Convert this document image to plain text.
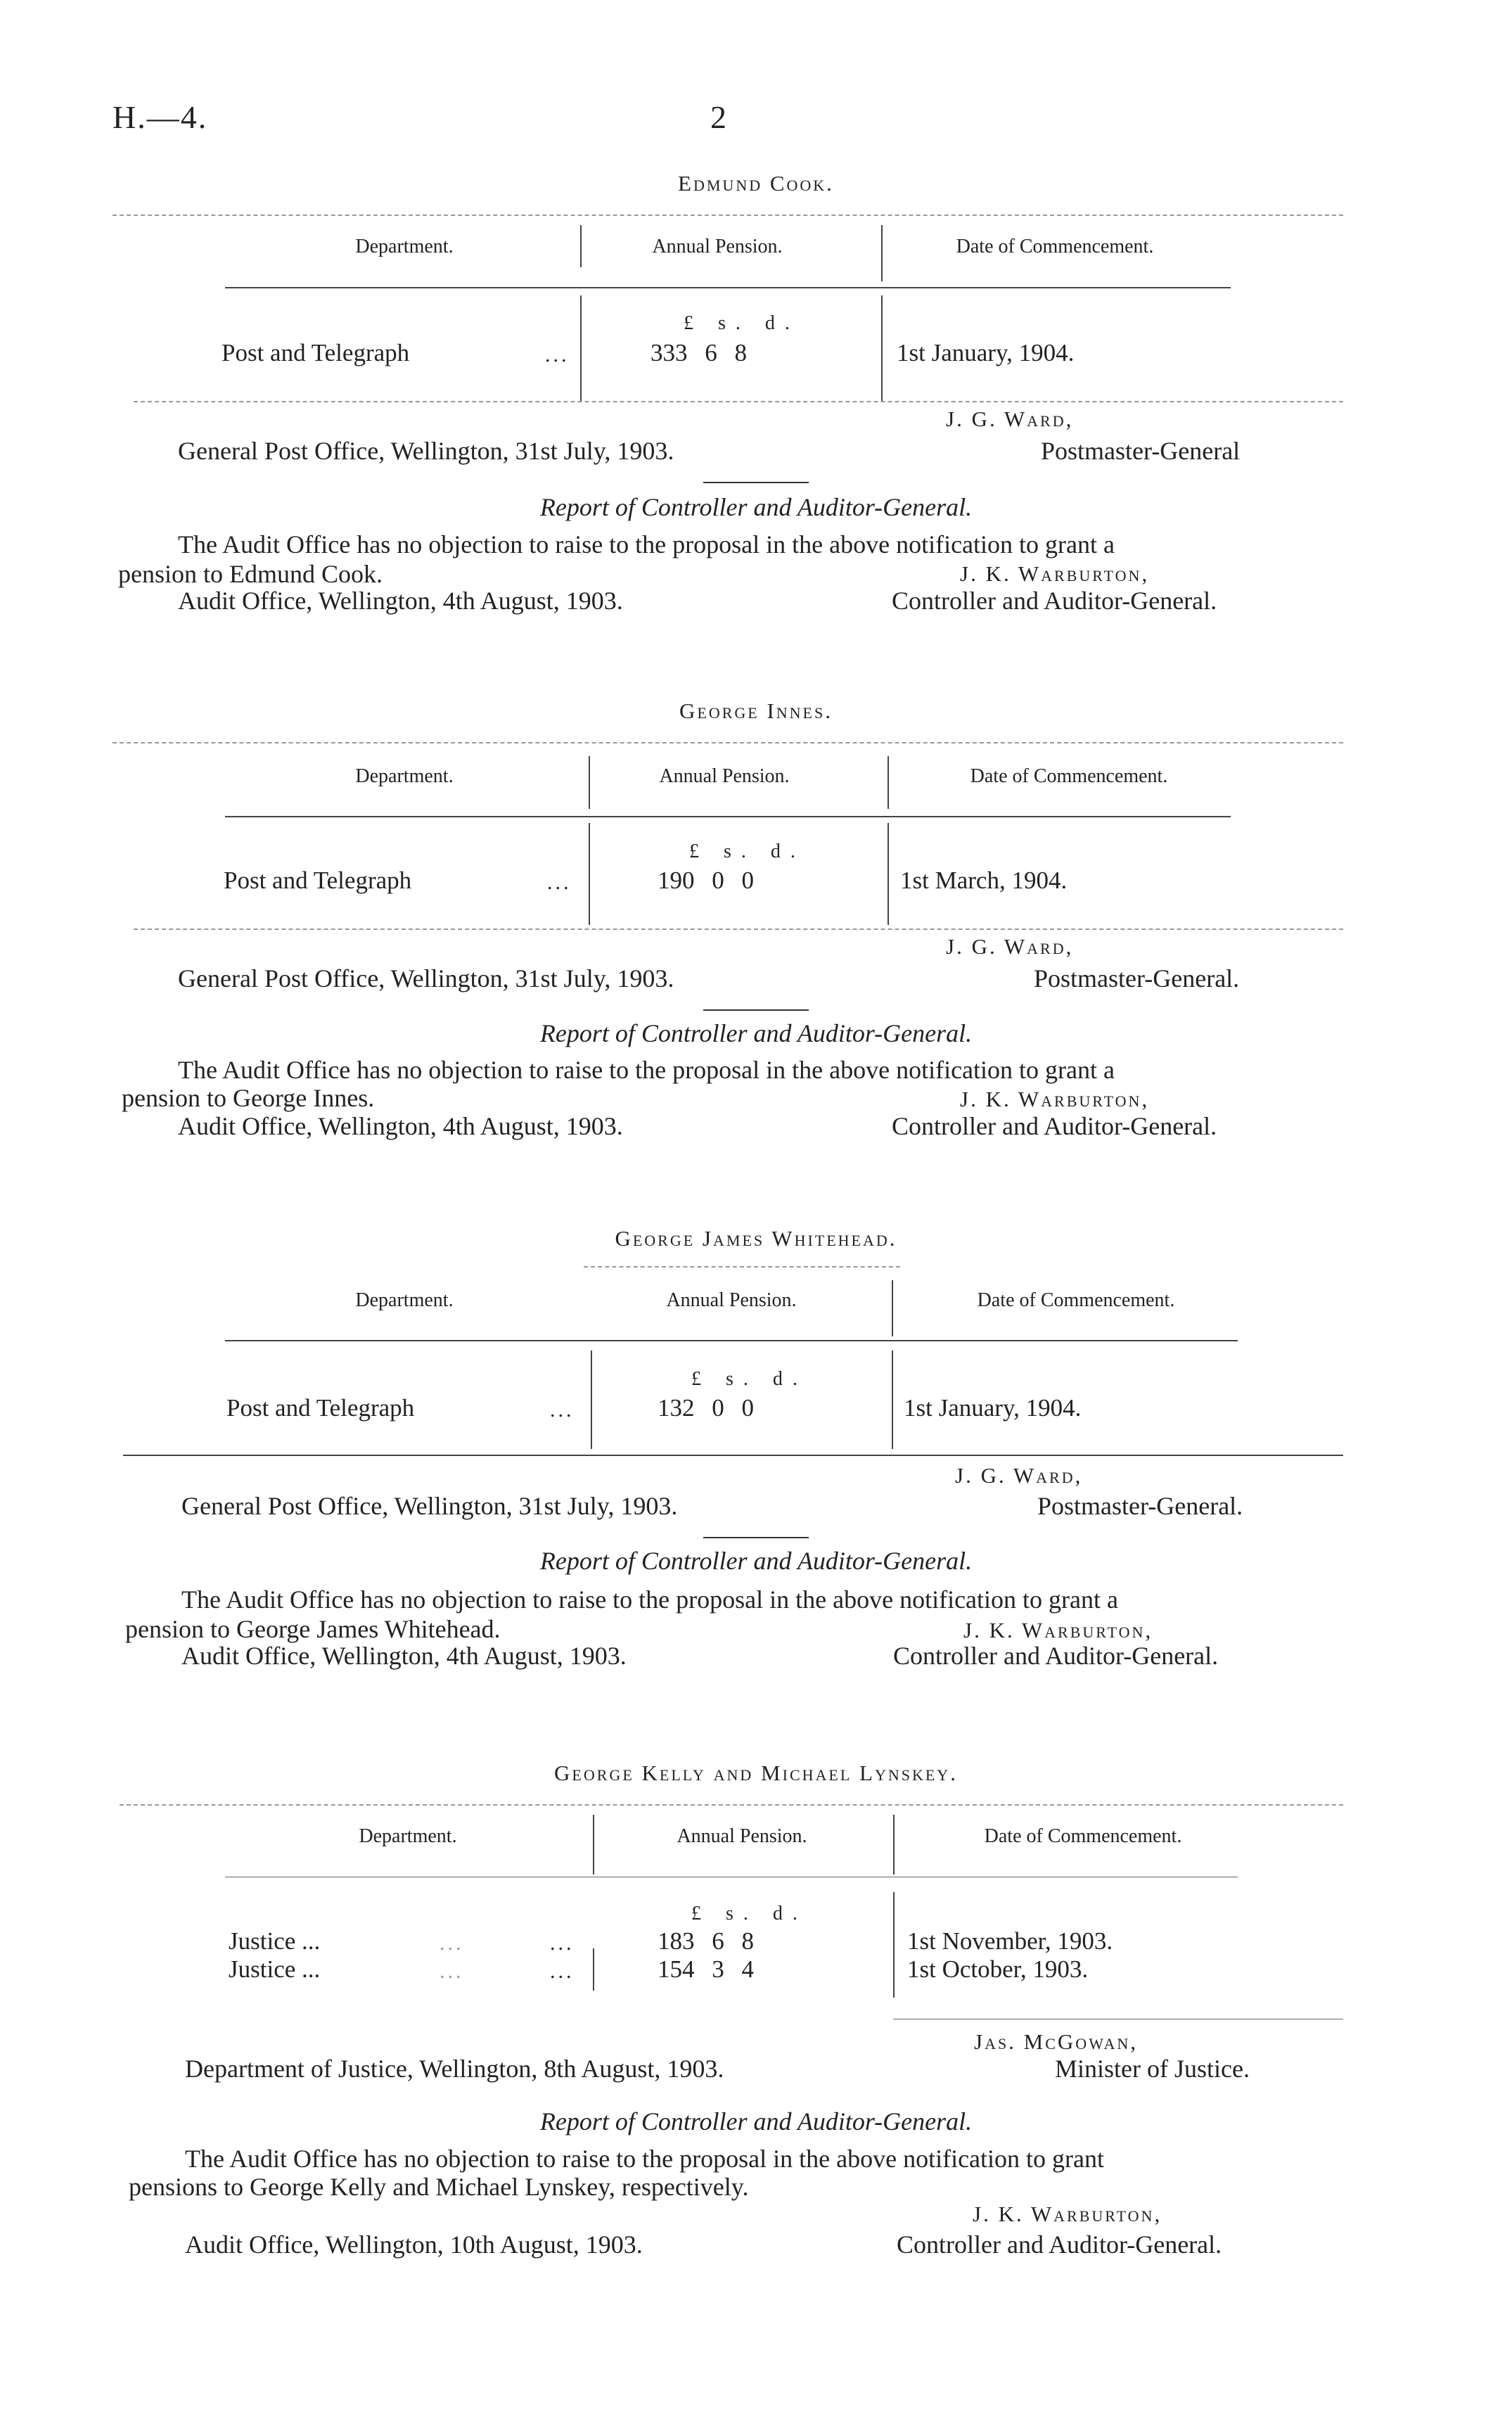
H.—4.	2
Edmund Cook.
Department.	Annual Pension.	Date of Commencement.
£ s. d.
Post and Telegraph	...	333 6 8	1st January, 1904.
J. G. Ward,
General Post Office, Wellington, 31st July, 1903.	Postmaster-General
Report of Controller and Auditor-General.
The Audit Office has no objection to raise to the proposal in the above notification to grant a
pension to Edmund Cook.	J. K. Warburton,
Audit Office, Wellington, 4th August, 1903.	Controller and Auditor-General.
George Innes.
Department.	Annual Pension.	Date of Commencement.
£ s. d.
Post and Telegraph	...	190 0 0	1st March, 1904.
J. G. Ward,
General Post Office, Wellington, 31st July, 1903.	Postmaster-General.
Report of Controller and Auditor-General.
The Audit Office has no objection to raise to the proposal in the above notification to grant a
pension to George Innes.	J. K. Warburton,
Audit Office, Wellington, 4th August, 1903.	Controller and Auditor-General.
George James Whitehead.
Department.	Annual Pension.	Date of Commencement.
£ s. d.
Post and Telegraph	...	132 0 0	1st January, 1904.
J. G. Ward,
General Post Office, Wellington, 31st July, 1903.	Postmaster-General.
Report of Controller and Auditor-General.
The Audit Office has no objection to raise to the proposal in the above notification to grant a
pension to George James Whitehead.	J. K. Warburton,
Audit Office, Wellington, 4th August, 1903.	Controller and Auditor-General.
George Kelly and Michael Lynskey.
Department.	Annual Pension.	Date of Commencement.
£ s. d.
Justice ...	...	...	183 6 8	1st November, 1903.
Justice ...	...	...	154 3 4	1st October, 1903.
Jas. McGowan,
Department of Justice, Wellington, 8th August, 1903.	Minister of Justice.
Report of Controller and Auditor-General.
The Audit Office has no objection to raise to the proposal in the above notification to grant
pensions to George Kelly and Michael Lynskey, respectively.
J. K. Warburton,
Audit Office, Wellington, 10th August, 1903.	Controller and Auditor-General.
